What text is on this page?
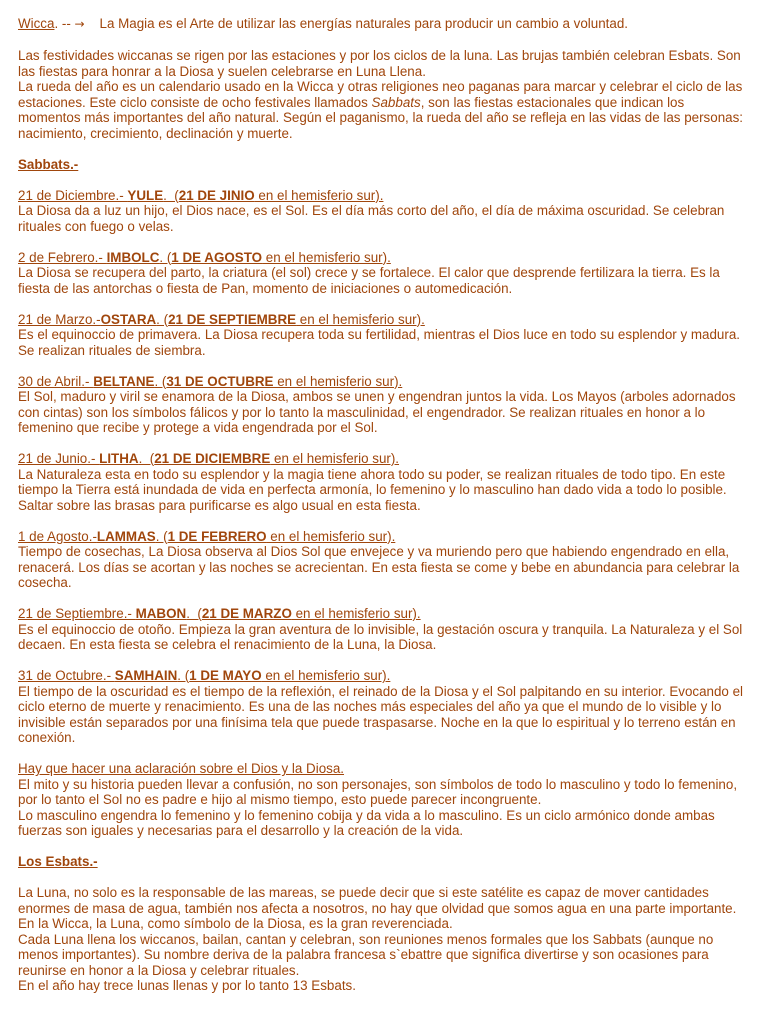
Wicca. -- →    La Magia es el Arte de utilizar las energías naturales para producir un cambio a voluntad.

Las festividades wiccanas se rigen por las estaciones y por los ciclos de la luna. Las brujas también celebran Esbats. Son las fiestas para honrar a la Diosa y suelen celebrarse en Luna Llena.

La rueda del año es un calendario usado en la Wicca y otras religiones neo paganas para marcar y celebrar el ciclo de las estaciones. Este ciclo consiste de ocho festivales llamados Sabbats, son las fiestas estacionales que indican los momentos más importantes del año natural. Según el paganismo, la rueda del año se refleja en las vidas de las personas: nacimiento, crecimiento, declinación y muerte.

Sabbats.-

21 de Diciembre.- YULE.  (21 DE JINIO en el hemisferio sur).

La Diosa da a luz un hijo, el Dios nace, es el Sol. Es el día más corto del año, el día de máxima oscuridad. Se celebran rituales con fuego o velas.

2 de Febrero.- IMBOLC. (1 DE AGOSTO en el hemisferio sur).

La Diosa se recupera del parto, la criatura (el sol) crece y se fortalece. El calor que desprende fertilizara la tierra. Es la fiesta de las antorchas o fiesta de Pan, momento de iniciaciones o automedicación.

21 de Marzo.-OSTARA. (21 DE SEPTIEMBRE en el hemisferio sur).

Es el equinoccio de primavera. La Diosa recupera toda su fertilidad, mientras el Dios luce en todo su esplendor y madura. Se realizan rituales de siembra.

30 de Abril.- BELTANE. (31 DE OCTUBRE en el hemisferio sur).

El Sol, maduro y viril se enamora de la Diosa, ambos se unen y engendran juntos la vida. Los Mayos (arboles adornados con cintas) son los símbolos fálicos y por lo tanto la masculinidad, el engendrador. Se realizan rituales en honor a lo femenino que recibe y protege a vida engendrada por el Sol.

21 de Junio.- LITHA.  (21 DE DICIEMBRE en el hemisferio sur).

La Naturaleza esta en todo su esplendor y la magia tiene ahora todo su poder, se realizan rituales de todo tipo. En este tiempo la Tierra está inundada de vida en perfecta armonía, lo femenino y lo masculino han dado vida a todo lo posible. Saltar sobre las brasas para purificarse es algo usual en esta fiesta.

1 de Agosto.-LAMMAS. (1 DE FEBRERO en el hemisferio sur).

Tiempo de cosechas, La Diosa observa al Dios Sol que envejece y va muriendo pero que habiendo engendrado en ella, renacerá. Los días se acortan y las noches se acrecientan. En esta fiesta se come y bebe en abundancia para celebrar la cosecha.

21 de Septiembre.- MABON.  (21 DE MARZO en el hemisferio sur).

Es el equinoccio de otoño. Empieza la gran aventura de lo invisible, la gestación oscura y tranquila. La Naturaleza y el Sol decaen. En esta fiesta se celebra el renacimiento de la Luna, la Diosa.

31 de Octubre.- SAMHAIN. (1 DE MAYO en el hemisferio sur).

El tiempo de la oscuridad es el tiempo de la reflexión, el reinado de la Diosa y el Sol palpitando en su interior. Evocando el ciclo eterno de muerte y renacimiento. Es una de las noches más especiales del año ya que el mundo de lo visible y lo invisible están separados por una finísima tela que puede traspasarse. Noche en la que lo espiritual y lo terreno están en conexión.

Hay que hacer una aclaración sobre el Dios y la Diosa.

El mito y su historia pueden llevar a confusión, no son personajes, son símbolos de todo lo masculino y todo lo femenino, por lo tanto el Sol no es padre e hijo al mismo tiempo, esto puede parecer incongruente.

Lo masculino engendra lo femenino y lo femenino cobija y da vida a lo masculino. Es un ciclo armónico donde ambas fuerzas son iguales y necesarias para el desarrollo y la creación de la vida.

Los Esbats.-

La Luna, no solo es la responsable de las mareas, se puede decir que si este satélite es capaz de mover cantidades enormes de masa de agua, también nos afecta a nosotros, no hay que olvidad que somos agua en una parte importante.

En la Wicca, la Luna, como símbolo de la Diosa, es la gran reverenciada.

Cada Luna llena los wiccanos, bailan, cantan y celebran, son reuniones menos formales que los Sabbats (aunque no menos importantes). Su nombre deriva de la palabra francesa s`ebattre que significa divertirse y son ocasiones para reunirse en honor a la Diosa y celebrar rituales.

En el año hay trece lunas llenas y por lo tanto 13 Esbats.
